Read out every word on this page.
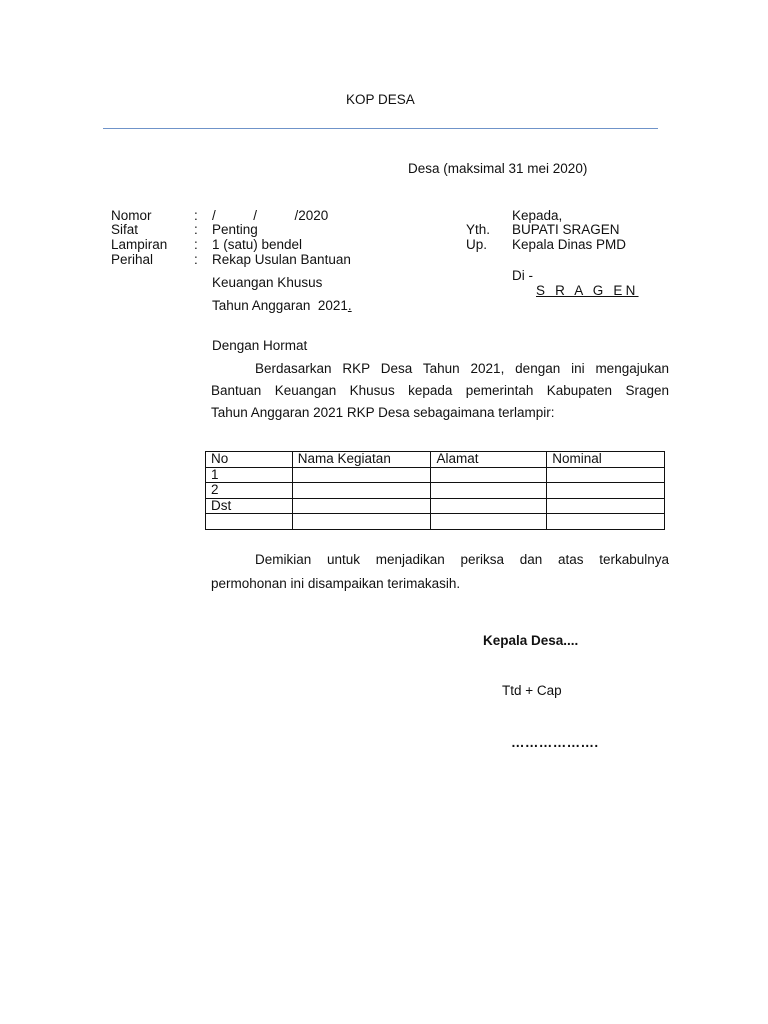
KOP DESA
Desa (maksimal 31 mei 2020)
Nomor	: /          /          /2020
Sifat	: Penting
Lampiran : 1 (satu) bendel
Perihal	: Rekap Usulan Bantuan
Keuangan Khusus
Tahun Anggaran  2021.
Kepada,
Yth. BUPATI SRAGEN
Up. Kepala Dinas PMD
Di -
S R A G EN
Dengan Hormat
Berdasarkan RKP Desa Tahun 2021, dengan ini mengajukan
Bantuan Keuangan Khusus kepada pemerintah Kabupaten Sragen
Tahun Anggaran 2021 RKP Desa sebagaimana terlampir:
No	Nama Kegiatan	Alamat	Nominal
1			
2			
Dst			

Demikian untuk menjadikan periksa dan atas terkabulnya
permohonan ini disampaikan terimakasih.
Kepala Desa....
Ttd + Cap
……………….
